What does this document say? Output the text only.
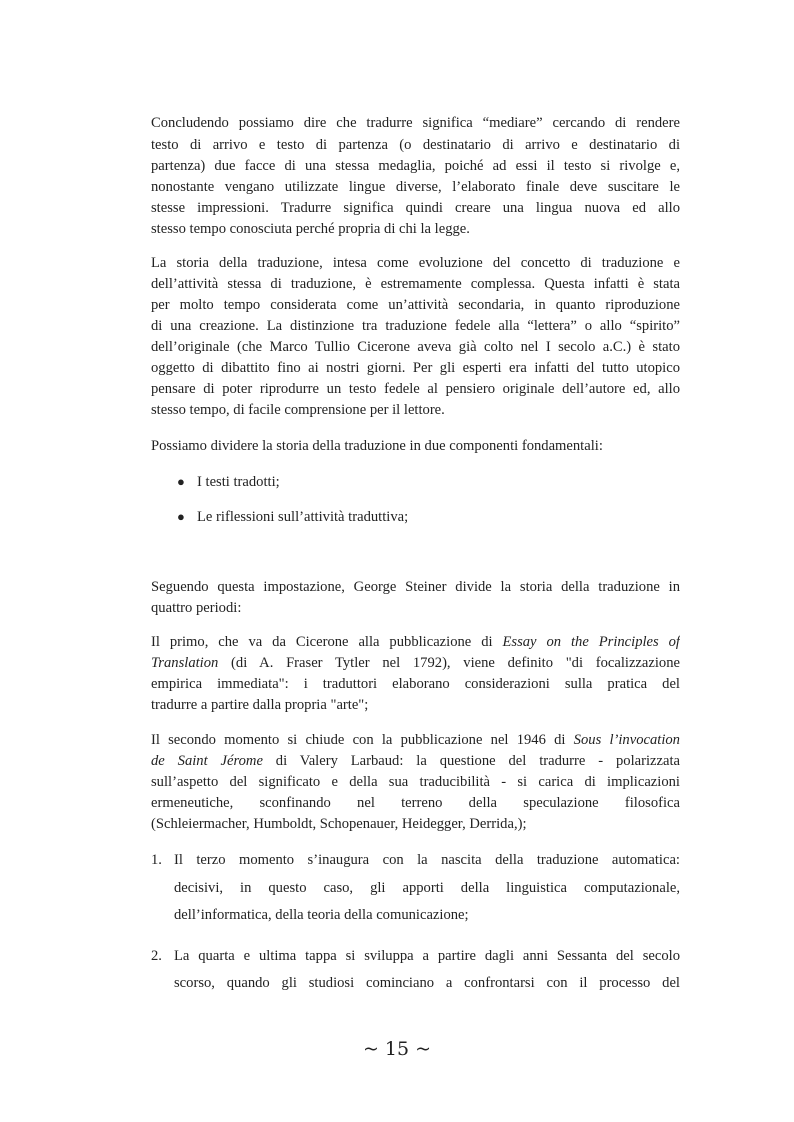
Concludendo possiamo dire che tradurre significa “mediare” cercando di rendere
testo di arrivo e testo di partenza (o destinatario di arrivo e destinatario di
partenza) due facce di una stessa medaglia, poiché ad essi il testo si rivolge e,
nonostante vengano utilizzate lingue diverse, l’elaborato finale deve suscitare le
stesse impressioni. Tradurre significa quindi creare una lingua nuova ed allo
stesso tempo conosciuta perché propria di chi la legge.
La storia della traduzione, intesa come evoluzione del concetto di traduzione e
dell’attività stessa di traduzione, è estremamente complessa. Questa infatti è stata
per molto tempo considerata come un’attività secondaria, in quanto riproduzione
di una creazione. La distinzione tra traduzione fedele alla “lettera” o allo “spirito”
dell’originale (che Marco Tullio Cicerone aveva già colto nel I secolo a.C.) è stato
oggetto di dibattito fino ai nostri giorni. Per gli esperti era infatti del tutto utopico
pensare di poter riprodurre un testo fedele al pensiero originale dell’autore ed, allo
stesso tempo, di facile comprensione per il lettore.
Possiamo dividere la storia della traduzione in due componenti fondamentali:
● I testi tradotti;
● Le riflessioni sull’attività traduttiva;
Seguendo questa impostazione, George Steiner divide la storia della traduzione in
quattro periodi:
Il primo, che va da Cicerone alla pubblicazione di Essay on the Principles of
Translation (di A. Fraser Tytler nel 1792), viene definito "di focalizzazione
empirica immediata": i traduttori elaborano considerazioni sulla pratica del
tradurre a partire dalla propria "arte";
Il secondo momento si chiude con la pubblicazione nel 1946 di Sous l’invocation
de Saint Jérome di Valery Larbaud: la questione del tradurre - polarizzata
sull’aspetto del significato e della sua traducibilità - si carica di implicazioni
ermeneutiche, sconfinando nel terreno della speculazione filosofica
(Schleiermacher, Humboldt, Schopenauer, Heidegger, Derrida,);
1. Il terzo momento s’inaugura con la nascita della traduzione automatica:
decisivi, in questo caso, gli apporti della linguistica computazionale,
dell’informatica, della teoria della comunicazione;
2. La quarta e ultima tappa si sviluppa a partire dagli anni Sessanta del secolo
scorso, quando gli studiosi cominciano a confrontarsi con il processo del
~ 15 ~
